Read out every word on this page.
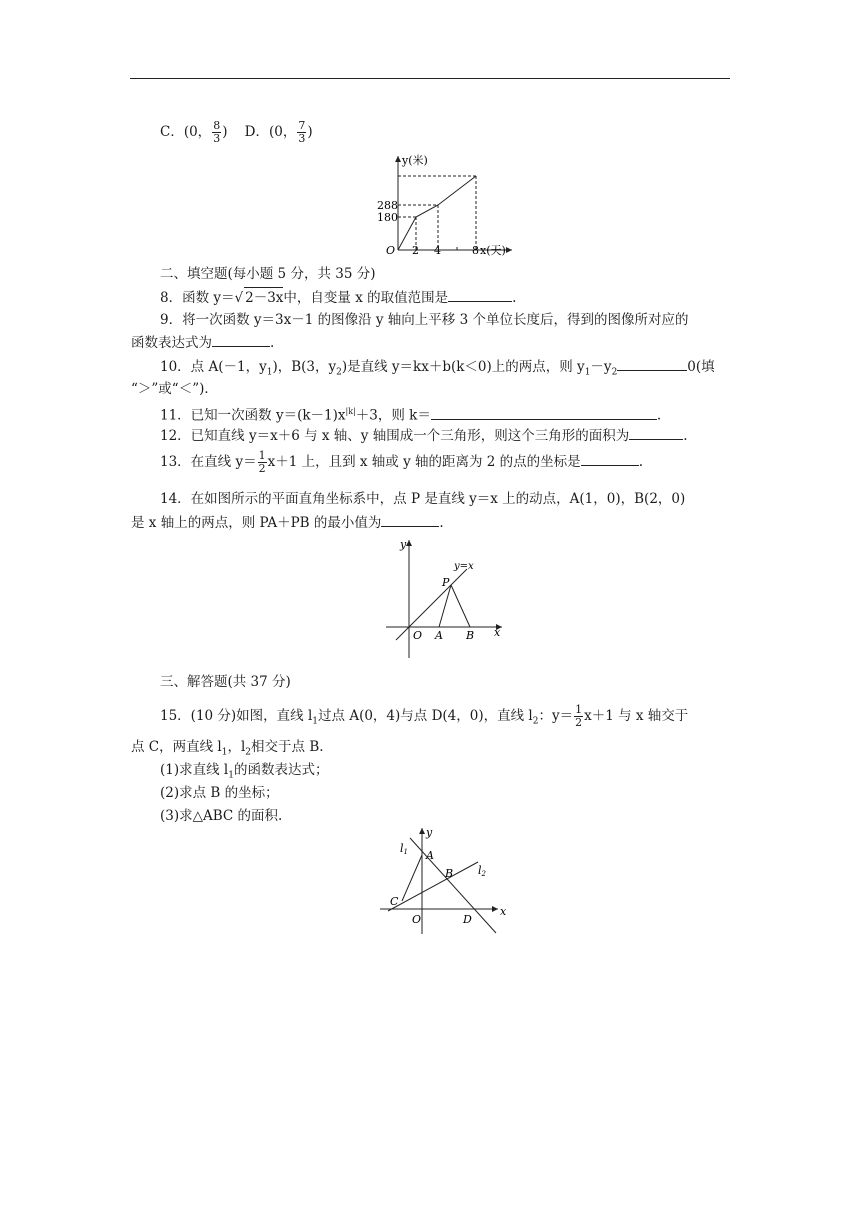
C．(0， $\frac{8}{3}$ ) D．(0， $\frac{7}{3}$ )
y(米)
x(天)
288
180
2 4	8
O
二、填空题(每小题 5 分，共 35 分)
8．函数 y＝√ 2－3x中，自变量 x 的取值范围是	.
9．将一次函数 y＝3x－1 的图像沿 y 轴向上平移 3 个单位长度后，得到的图像所对应的
函数表达式为	.
10．点 A(－1，$y_1$)，B(3，$y_2$)是直线 y＝kx＋b(k＜0)上的两点，则 $y_1-y_2$	0(填
“＞”或“＜”)．
11．已知一次函数 $y=(k-1)x^{|k|}+3$，则 k＝	.
12．已知直线 y＝x＋6 与 x 轴、y 轴围成一个三角形，则这个三角形的面积为	.
13．在直线 $y= \frac{1}{2} x+1$ 上，且到 x 轴或 y 轴的距离为 2 的点的坐标是	.
14．在如图所示的平面直角坐标系中，点 P 是直线 y＝x 上的动点，A(1，0)，B(2，0)
是 x 轴上的两点，则 PA＋PB 的最小值为	.
y
x
y=x
P
O A B
三、解答题(共 37 分)
15．(10 分)如图，直线 $l_1$过点 A(0，4)与点 D(4，0)，直线 $l_2$：$y= \frac{1}{2} x+1$ 与 x 轴交于
点 C，两直线 $l_1$，$l_2$相交于点 B.
(1)求直线 $l_1$的函数表达式；
(2)求点 B 的坐标；
(3)求△ABC 的面积.
l1
l2
y
x
A
B
C
O	D
